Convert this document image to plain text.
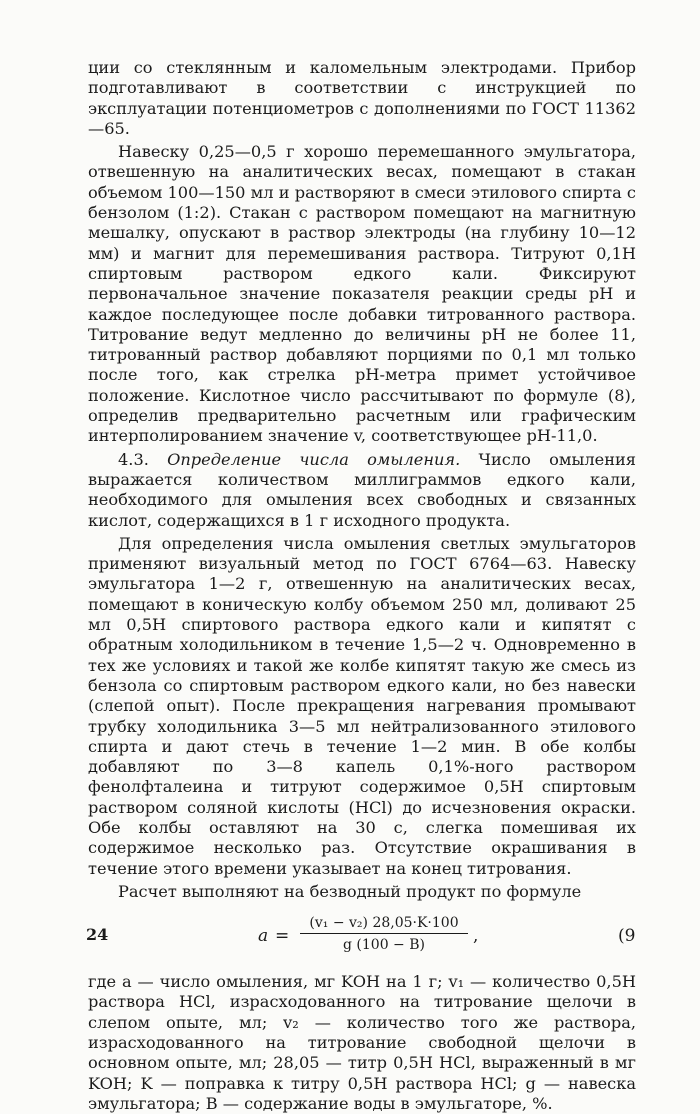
ции со стеклянным и каломельным электродами. Прибор подготавливают в соответствии с инструкцией по эксплуатации потенциометров с дополнениями по ГОСТ 11362—65.

Навеску 0,25—0,5 г хорошо перемешанного эмульгатора, отвешенную на аналитических весах, помещают в стакан объемом 100—150 мл и растворяют в смеси этилового спирта с бензолом (1:2). Стакан с раствором помещают на магнитную мешалку, опускают в раствор электроды (на глубину 10—12 мм) и магнит для перемешивания раствора. Титруют 0,1Н спиртовым раствором едкого кали. Фиксируют первоначальное значение показателя реакции среды pH и каждое последующее после добавки титрованного раствора. Титрование ведут медленно до величины pH не более 11, титрованный раствор добавляют порциями по 0,1 мл только после того, как стрелка pH-метра примет устойчивое положение. Кислотное число рассчитывают по формуле (8), определив предварительно расчетным или графическим интерполированием значение v, соответствующее pH-11,0.

4.3. Определение числа омыления. Число омыления выражается количеством миллиграммов едкого кали, необходимого для омыления всех свободных и связанных кислот, содержащихся в 1 г исходного продукта.

Для определения числа омыления светлых эмульгаторов применяют визуальный метод по ГОСТ 6764—63. Навеску эмульгатора 1—2 г, отвешенную на аналитических весах, помещают в коническую колбу объемом 250 мл, доливают 25 мл 0,5Н спиртового раствора едкого кали и кипятят с обратным холодильником в течение 1,5—2 ч. Одновременно в тех же условиях и такой же колбе кипятят такую же смесь из бензола со спиртовым раствором едкого кали, но без навески (слепой опыт). После прекращения нагревания промывают трубку холодильника 3—5 мл нейтрализованного этилового спирта и дают стечь в течение 1—2 мин. В обе колбы добавляют по 3—8 капель 0,1%-ного раствором фенолфталеина и титруют содержимое 0,5Н спиртовым раствором соляной кислоты (HCl) до исчезновения окраски. Обе колбы оставляют на 30 с, слегка помешивая их содержимое несколько раз. Отсутствие окрашивания в течение этого времени указывает на конец титрования.

Расчет выполняют на безводный продукт по формуле

a =
(v₁ − v₂) 28,05·K·100
g (100 − B)	,	(9

где a — число омыления, мг KOH на 1 г; v₁ — количество 0,5Н раствора HCl, израсходованного на титрование щелочи в слепом опыте, мл; v₂ — количество того же раствора, израсходованного на титрование свободной щелочи в основном опыте, мл; 28,05 — титр 0,5Н HCl, выраженный в мг KOH; K — поправка к титру 0,5Н раствора HCl; g — навеска эмульгатора; B — содержание воды в эмульгаторе, %.

24
